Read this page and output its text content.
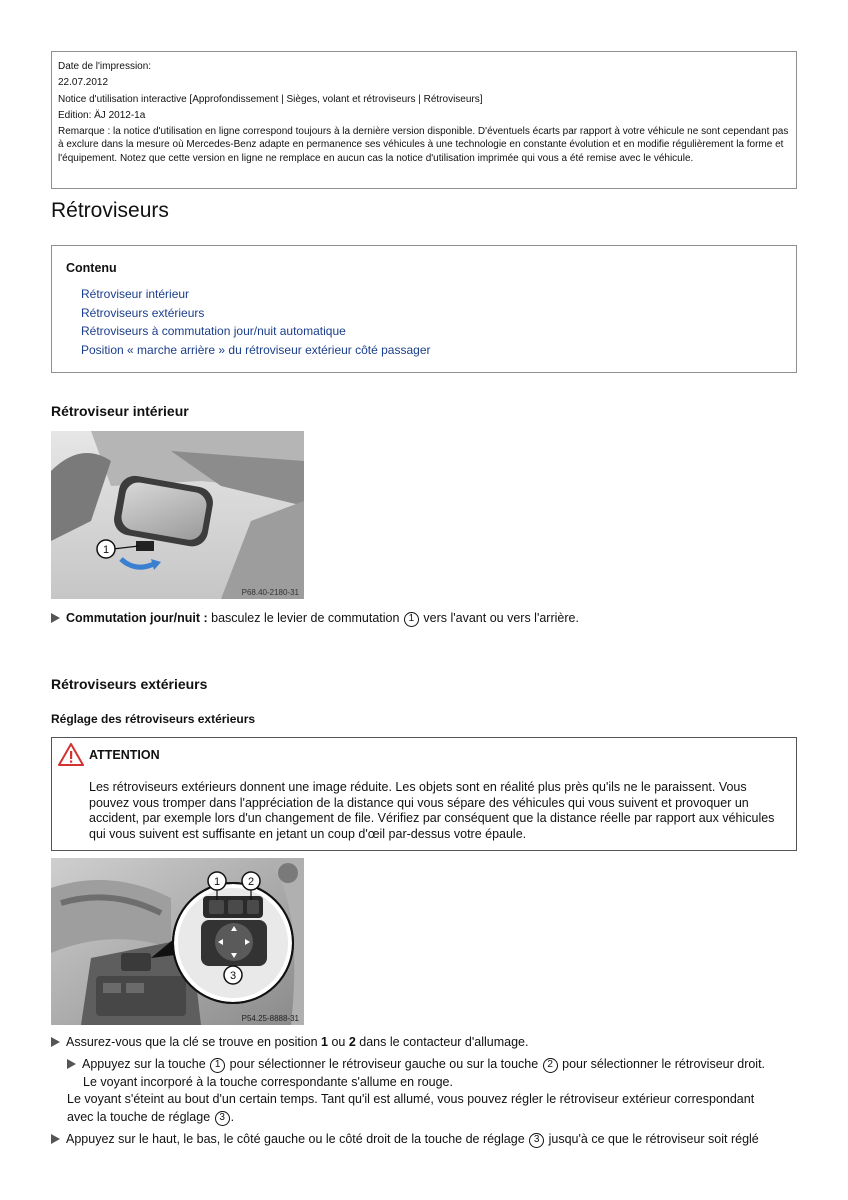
Date de l'impression:
22.07.2012
Notice d'utilisation interactive [Approfondissement | Sièges, volant et rétroviseurs | Rétroviseurs]
Edition: ÄJ 2012-1a
Remarque : la notice d'utilisation en ligne correspond toujours à la dernière version disponible. D'éventuels écarts par rapport à votre véhicule ne sont cependant pas à exclure dans la mesure où Mercedes-Benz adapte en permanence ses véhicules à une technologie en constante évolution et en modifie régulièrement la forme et l'équipement. Notez que cette version en ligne ne remplace en aucun cas la notice d'utilisation imprimée qui vous a été remise avec le véhicule.
Rétroviseurs
Contenu
Rétroviseur intérieur
Rétroviseurs extérieurs
Rétroviseurs à commutation jour/nuit automatique
Position « marche arrière » du rétroviseur extérieur côté passager
Rétroviseur intérieur
1
P68.40-2180-31
Commutation jour/nuit : basculez le levier de commutation 1 vers l'avant ou vers l'arrière.
Rétroviseurs extérieurs
Réglage des rétroviseurs extérieurs
ATTENTION
Les rétroviseurs extérieurs donnent une image réduite. Les objets sont en réalité plus près qu'ils ne le paraissent. Vous pouvez vous tromper dans l'appréciation de la distance qui vous sépare des véhicules qui vous suivent et provoquer un accident, par exemple lors d'un changement de file. Vérifiez par conséquent que la distance réelle par rapport aux véhicules qui vous suivent est suffisante en jetant un coup d'œil par-dessus votre épaule.
1	2
3
P54.25-8888-31
Assurez-vous que la clé se trouve en position 1 ou 2 dans le contacteur d'allumage.
Appuyez sur la touche 1 pour sélectionner le rétroviseur gauche ou sur la touche 2 pour sélectionner le rétroviseur droit.
Le voyant incorporé à la touche correspondante s'allume en rouge.
Le voyant s'éteint au bout d'un certain temps. Tant qu'il est allumé, vous pouvez régler le rétroviseur extérieur correspondant
avec la touche de réglage 3 .
Appuyez sur le haut, le bas, le côté gauche ou le côté droit de la touche de réglage 3 jusqu'à ce que le rétroviseur soit réglé
